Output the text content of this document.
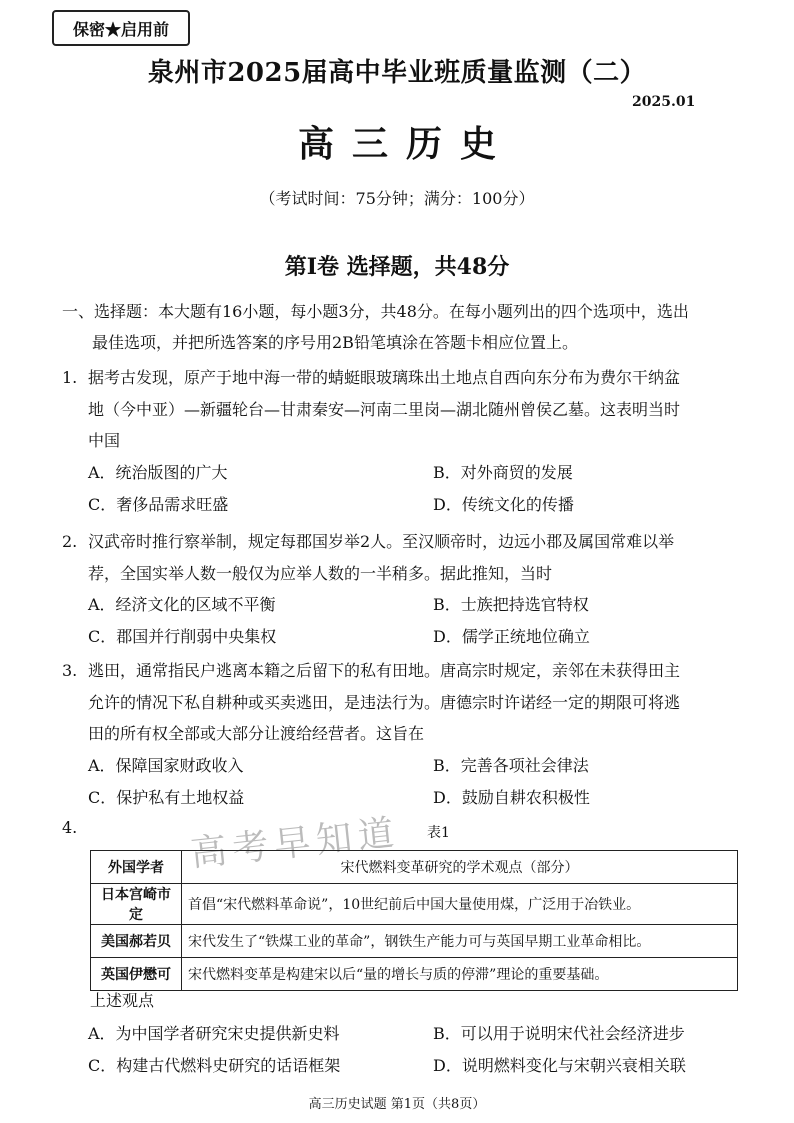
保密★启用前
泉州市2025届高中毕业班质量监测（二）
2025.01
高三历史
（考试时间：75分钟；满分：100分）
第Ⅰ卷 选择题，共48分

一、选择题：本大题有16小题，每小题3分，共48分。在每小题列出的四个选项中，选出

最佳选项，并把所选答案的序号用2B铅笔填涂在答题卡相应位置上。

1. 据考古发现，原产于地中海一带的蜻蜓眼玻璃珠出土地点自西向东分布为费尔干纳盆

地（今中亚）—新疆轮台—甘肃秦安—河南二里岗—湖北随州曾侯乙墓。这表明当时

中国

A．统治版图的广大	B．对外商贸的发展
C．奢侈品需求旺盛	D．传统文化的传播

2. 汉武帝时推行察举制，规定每郡国岁举2人。至汉顺帝时，边远小郡及属国常难以举

荐，全国实举人数一般仅为应举人数的一半稍多。据此推知，当时

A．经济文化的区域不平衡	B．士族把持选官特权
C．郡国并行削弱中央集权	D．儒学正统地位确立

3. 逃田，通常指民户逃离本籍之后留下的私有田地。唐高宗时规定，亲邻在未获得田主

允许的情况下私自耕种或买卖逃田，是违法行为。唐德宗时许诺经一定的期限可将逃

田的所有权全部或大部分让渡给经营者。这旨在

A．保障国家财政收入	B．完善各项社会律法
C．保护私有土地权益	D．鼓励自耕农积极性
4.	表1
高考早知道
外国学者	宋代燃料变革研究的学术观点（部分）
日本宫崎市定	首倡“宋代燃料革命说”，10世纪前后中国大量使用煤，广泛用于冶铁业。
美国郝若贝	宋代发生了“铁煤工业的革命”，钢铁生产能力可与英国早期工业革命相比。
英国伊懋可	宋代燃料变革是构建宋以后“量的增长与质的停滞”理论的重要基础。
上述观点
A．为中国学者研究宋史提供新史料	B．可以用于说明宋代社会经济进步
C．构建古代燃料史研究的话语框架	D．说明燃料变化与宋朝兴衰相关联
高三历史试题 第1页（共8页）
